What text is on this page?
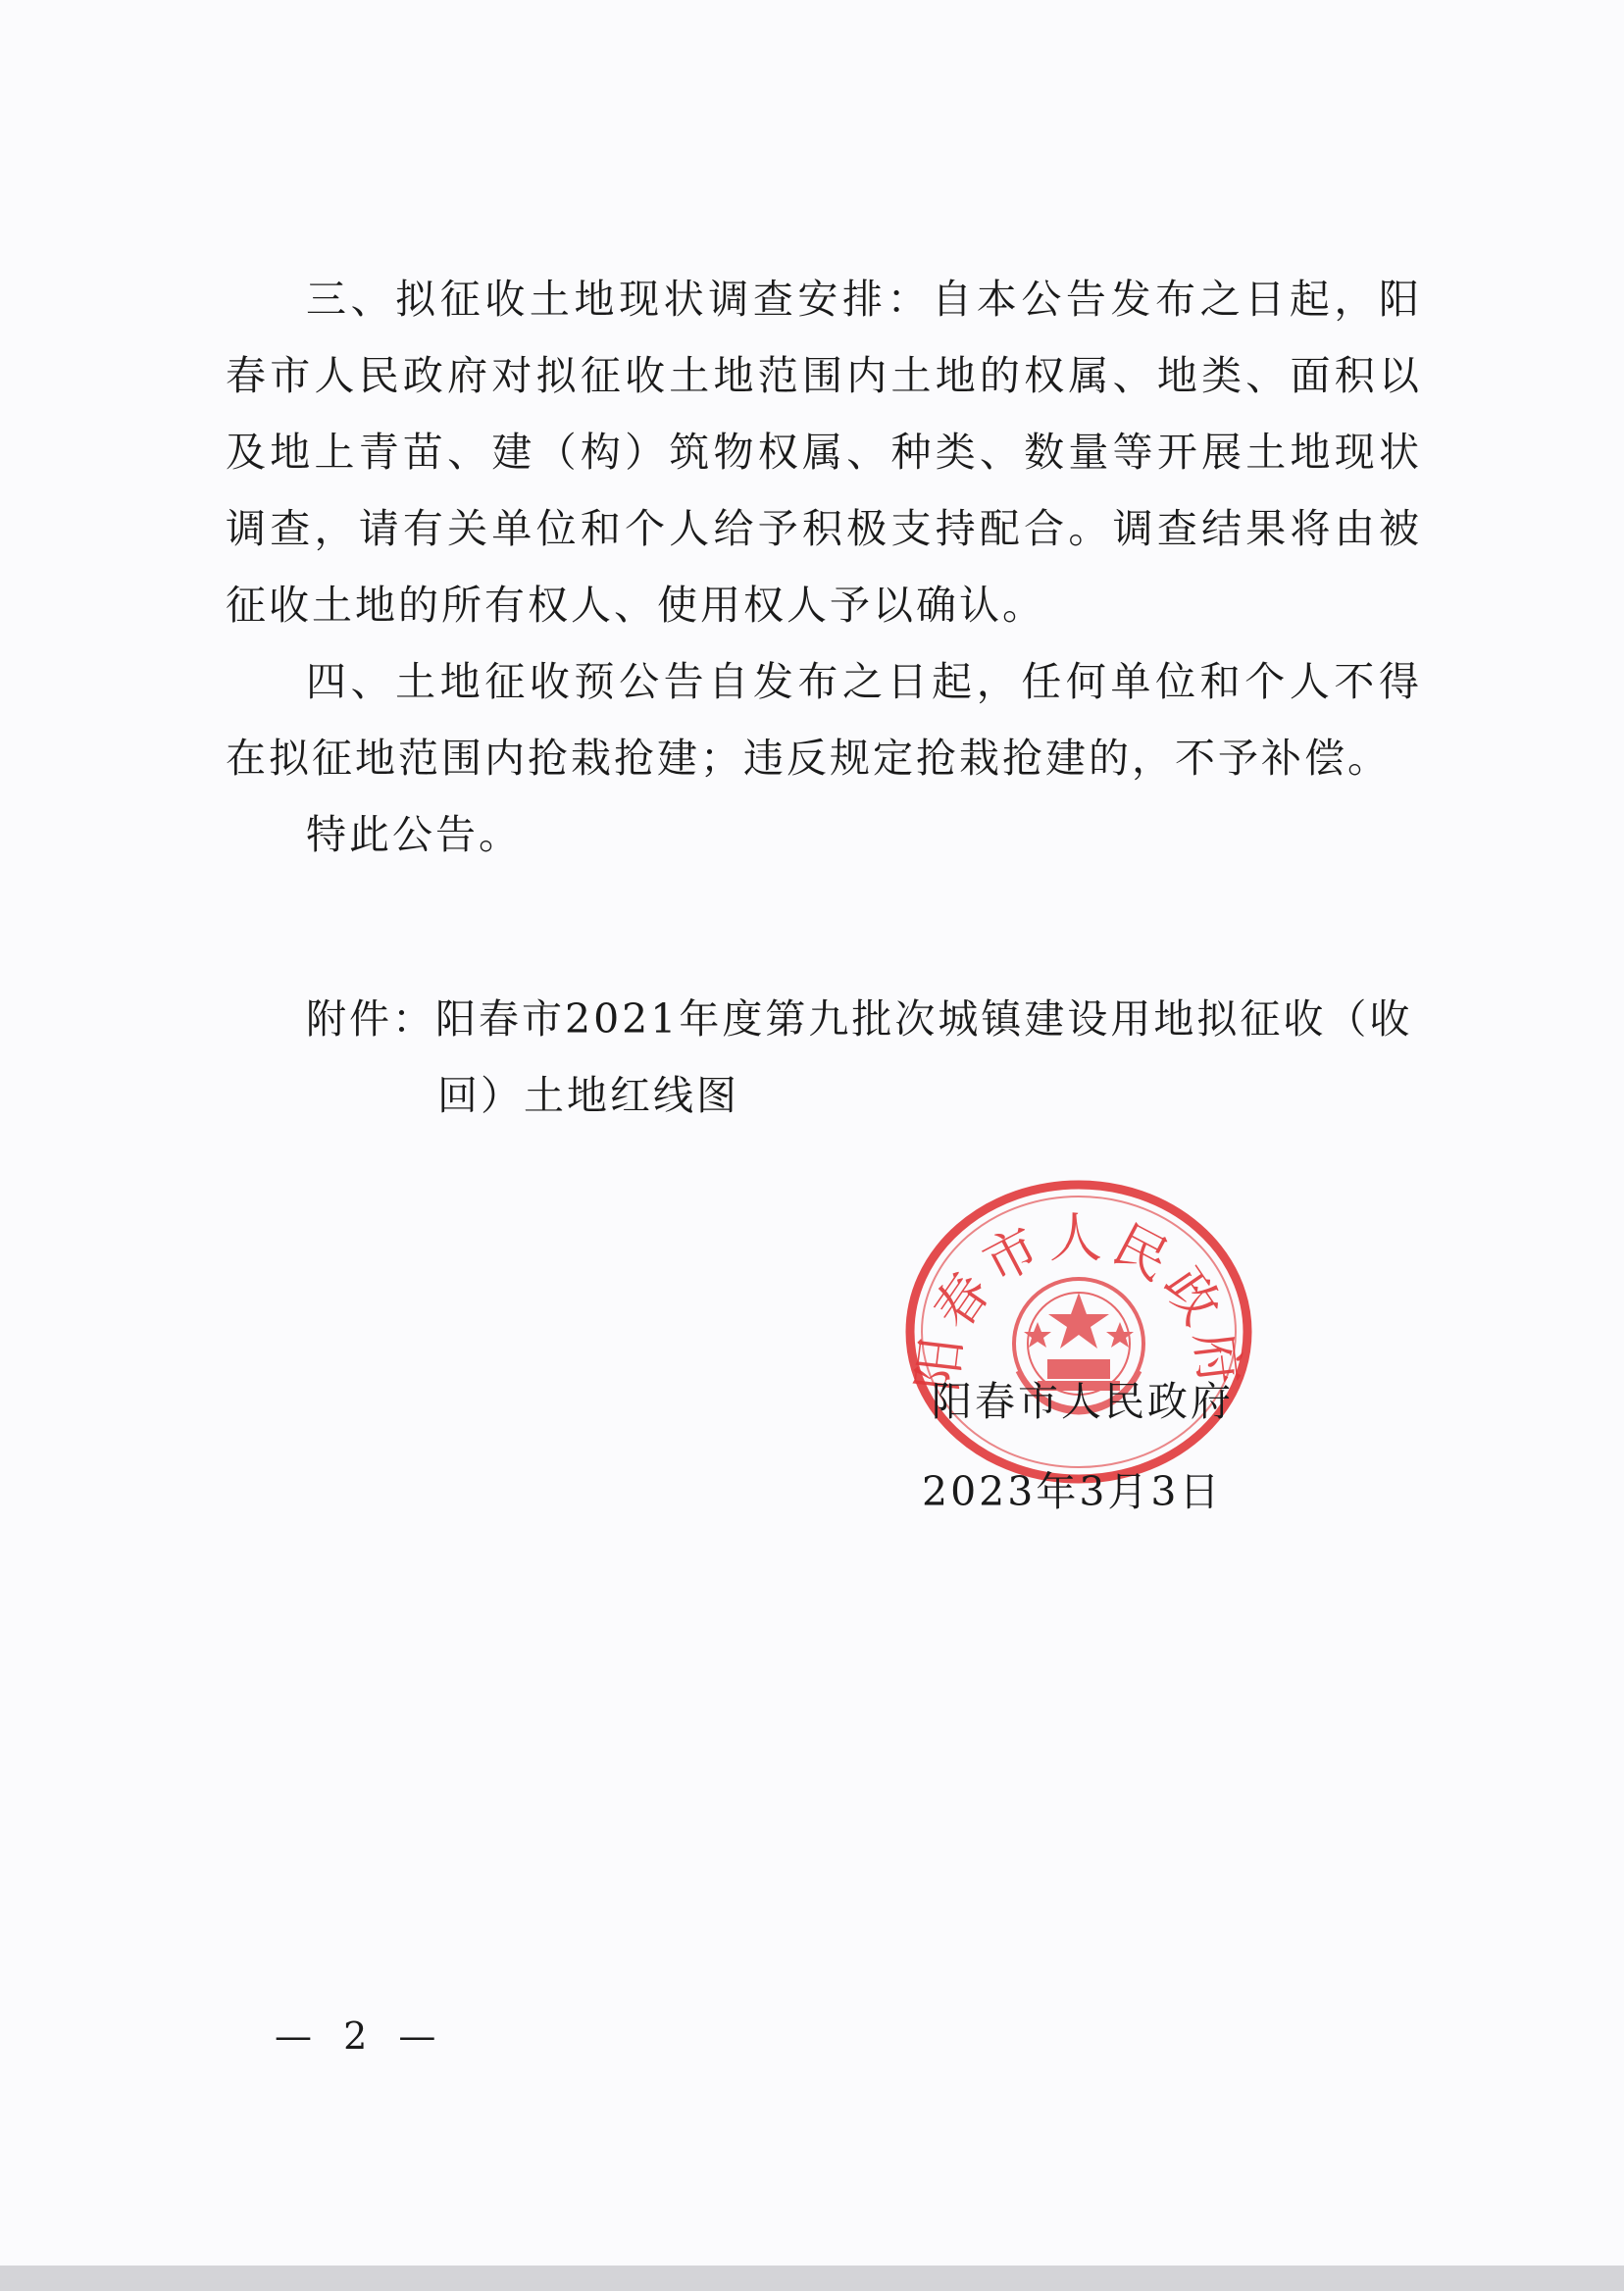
三、拟征收土地现状调查安排：自本公告发布之日起，阳春市人民政府对拟征收土地范围内土地的权属、地类、面积以及地上青苗、建（构）筑物权属、种类、数量等开展土地现状调查，请有关单位和个人给予积极支持配合。调查结果将由被征收土地的所有权人、使用权人予以确认。

四、土地征收预公告自发布之日起，任何单位和个人不得在拟征地范围内抢栽抢建；违反规定抢栽抢建的，不予补偿。

特此公告。

附件：阳春市2021年度第九批次城镇建设用地拟征收（收
回）土地红线图
阳春市人民政府
阳春市人民政府
2023年3月3日
— 2 —
